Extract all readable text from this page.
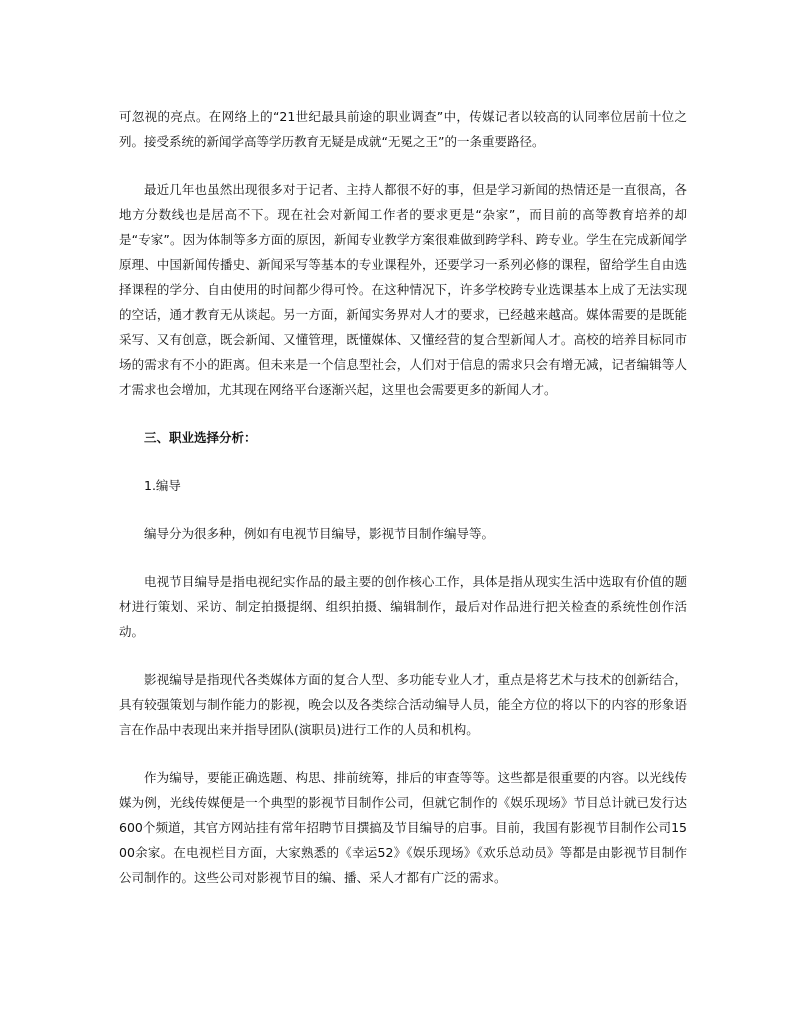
可忽视的亮点。在网络上的“21世纪最具前途的职业调查”中，传媒记者以较高的认同率位居前十位之列。接受系统的新闻学高等学历教育无疑是成就“无冕之王”的一条重要路径。

最近几年也虽然出现很多对于记者、主持人都很不好的事，但是学习新闻的热情还是一直很高，各地方分数线也是居高不下。现在社会对新闻工作者的要求更是“杂家”，而目前的高等教育培养的却是“专家”。因为体制等多方面的原因，新闻专业教学方案很难做到跨学科、跨专业。学生在完成新闻学原理、中国新闻传播史、新闻采写等基本的专业课程外，还要学习一系列必修的课程，留给学生自由选择课程的学分、自由使用的时间都少得可怜。在这种情况下，许多学校跨专业选课基本上成了无法实现的空话，通才教育无从谈起。另一方面，新闻实务界对人才的要求，已经越来越高。媒体需要的是既能采写、又有创意，既会新闻、又懂管理，既懂媒体、又懂经营的复合型新闻人才。高校的培养目标同市场的需求有不小的距离。但未来是一个信息型社会，人们对于信息的需求只会有增无减，记者编辑等人才需求也会增加，尤其现在网络平台逐渐兴起，这里也会需要更多的新闻人才。

三、职业选择分析：

1.编导

编导分为很多种，例如有电视节目编导，影视节目制作编导等。

电视节目编导是指电视纪实作品的最主要的创作核心工作，具体是指从现实生活中选取有价值的题材进行策划、采访、制定拍摄提纲、组织拍摄、编辑制作，最后对作品进行把关检查的系统性创作活动。

影视编导是指现代各类媒体方面的复合人型、多功能专业人才，重点是将艺术与技术的创新结合，具有较强策划与制作能力的影视，晚会以及各类综合活动编导人员，能全方位的将以下的内容的形象语言在作品中表现出来并指导团队(演职员)进行工作的人员和机构。

作为编导，要能正确选题、构思、排前统筹，排后的审查等等。这些都是很重要的内容。以光线传媒为例，光线传媒便是一个典型的影视节目制作公司，但就它制作的《娱乐现场》节目总计就已发行达600个频道，其官方网站挂有常年招聘节目撰搞及节目编导的启事。目前，我国有影视节目制作公司1500余家。在电视栏目方面，大家熟悉的《幸运52》《娱乐现场》《欢乐总动员》等都是由影视节目制作公司制作的。这些公司对影视节目的编、播、采人才都有广泛的需求。
